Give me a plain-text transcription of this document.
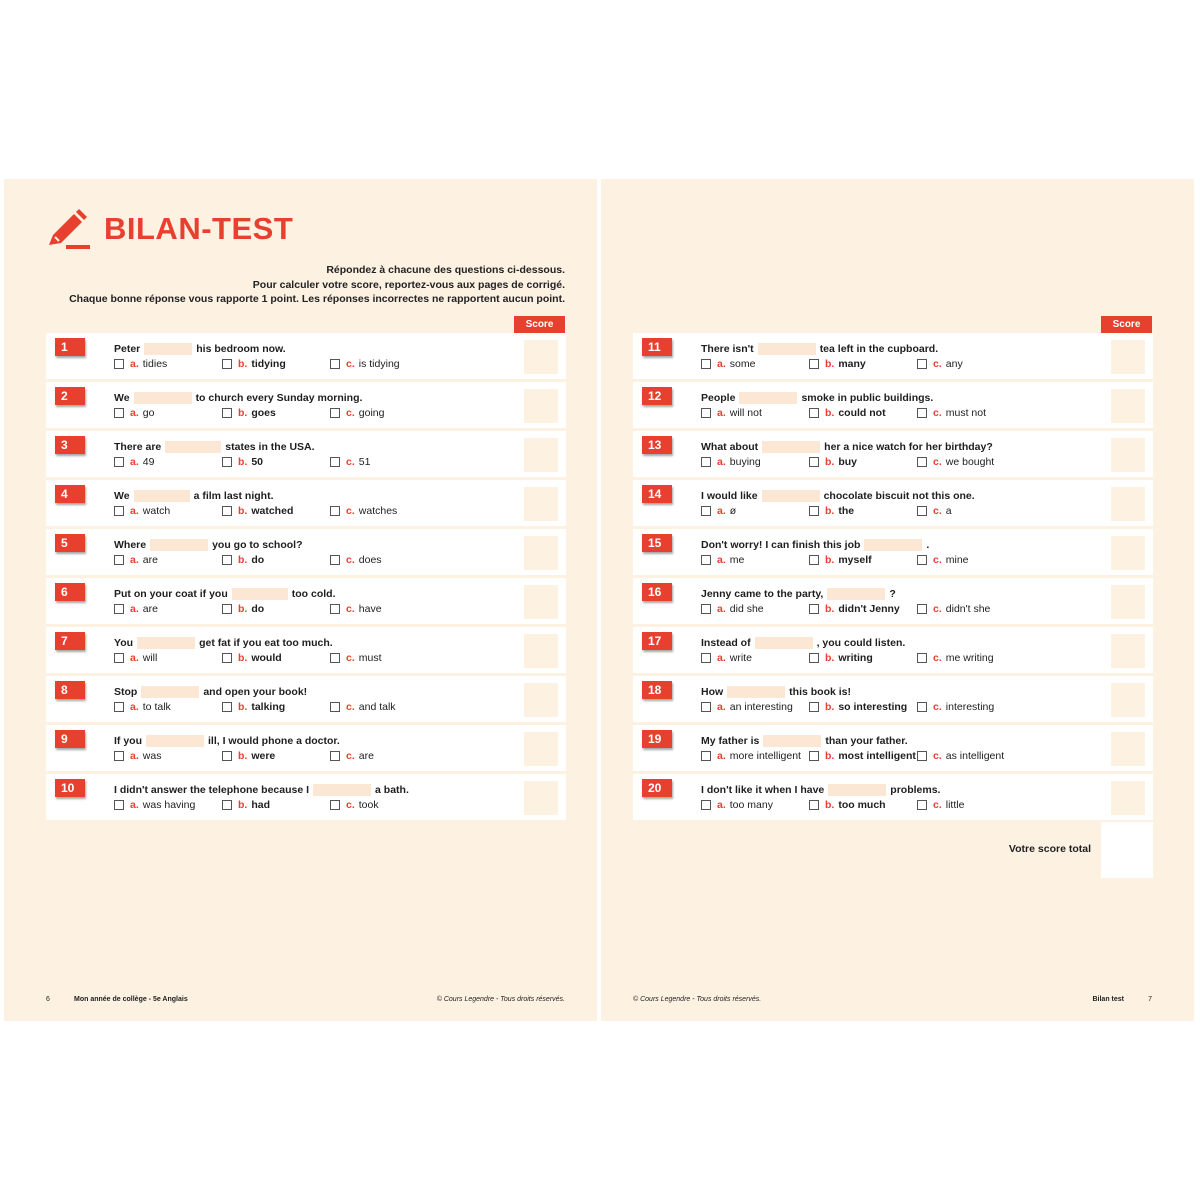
BILAN-TEST
Répondez à chacune des questions ci-dessous.
Pour calculer votre score, reportez-vous aux pages de corrigé.
Chaque bonne réponse vous rapporte 1 point. Les réponses incorrectes ne rapportent aucun point.
Score
1	Peter	his bedroom now.
a. tidies	b. tidying	c. is tidying
2	We	to church every Sunday morning.
a. go	b. goes	c. going
3	There are	states in the USA.
a. 49	b. 50	c. 51
4	We	a film last night.
a. watch	b. watched	c. watches
5	Where	you go to school?
a. are	b. do	c. does
6	Put on your coat if you	too cold.
a. are	b. do	c. have
7	You	get fat if you eat too much.
a. will	b. would	c. must
8	Stop	and open your book!
a. to talk	b. talking	c. and talk
9	If you	ill, I would phone a doctor.
a. was	b. were	c. are
10	I didn't answer the telephone because I	a bath.
a. was having	b. had	c. took
6	Mon année de collège - 5e Anglais	© Cours Legendre - Tous droits réservés.
Score
11	There isn't	tea left in the cupboard.
a. some	b. many	c. any
12	People	smoke in public buildings.
a. will not	b. could not	c. must not
13	What about	her a nice watch for her birthday?
a. buying	b. buy	c. we bought
14	I would like	chocolate biscuit not this one.
a. ø	b. the	c. a
15	Don't worry! I can finish this job	.
a. me	b. myself	c. mine
16	Jenny came to the party,	?
a. did she	b. didn't Jenny	c. didn't she
17	Instead of	, you could listen.
a. write	b. writing	c. me writing
18	How	this book is!
a. an interesting	b. so interesting c. interesting
19	My father is	than your father.
a. more intelligent b. most intelligent c. as intelligent
20	I don't like it when I have	problems.
a. too many	b. too much	c. little
Votre score total
© Cours Legendre - Tous droits réservés.	Bilan test	7
